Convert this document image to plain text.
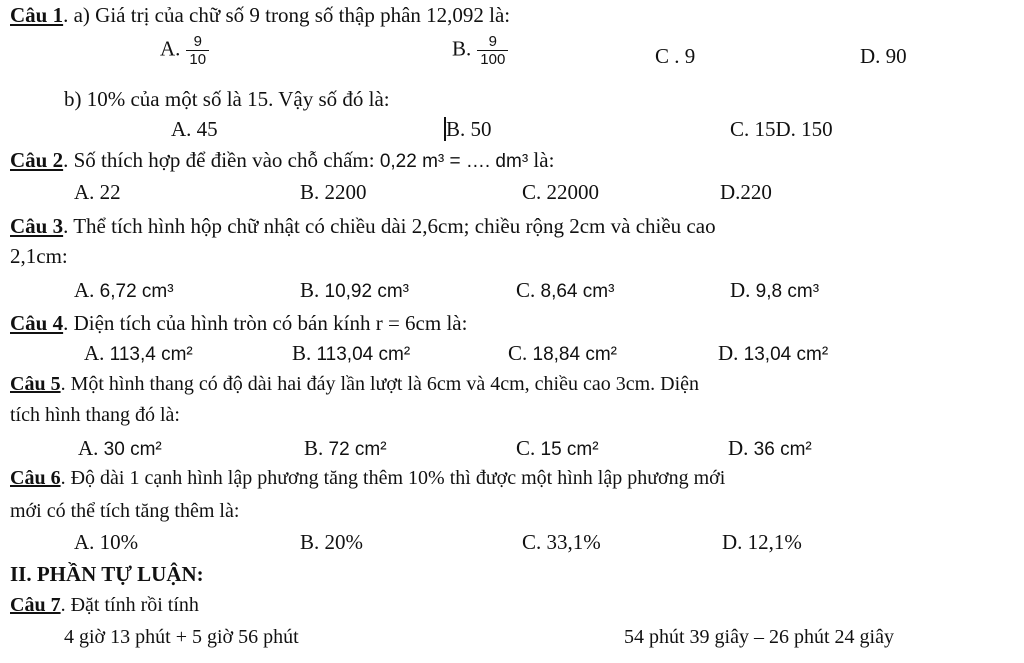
Câu 1. a) Giá trị của chữ số 9 trong số thập phân 12,092 là:
A. $\frac{9}{10}$	B. $\frac{9}{100}$	C . 9	D. 90
b) 10% của một số là 15. Vậy số đó là:
A. 45	B. 50	C. 15D. 150
Câu 2. Số thích hợp để điền vào chỗ chấm: 0,22 m³ = …. dm³ là:
A. 22	B. 2200	C. 22000	D.220
Câu 3. Thể tích hình hộp chữ nhật có chiều dài 2,6cm; chiều rộng 2cm và chiều cao
2,1cm:
A. 6,72 cm³	B. 10,92 cm³	C. 8,64 cm³	D. 9,8 cm³
Câu 4. Diện tích của hình tròn có bán kính r = 6cm là:
A. 113,4 cm²	B. 113,04 cm²	C. 18,84 cm²	D. 13,04 cm²
Câu 5. Một hình thang có độ dài hai đáy lần lượt là 6cm và 4cm, chiều cao 3cm. Diện
tích hình thang đó là:
A. 30 cm²	B. 72 cm²	C. 15 cm²	D. 36 cm²
Câu 6. Độ dài 1 cạnh hình lập phương tăng thêm 10% thì được một hình lập phương mới
mới có thể tích tăng thêm là:
A. 10%	B. 20%	C. 33,1%	D. 12,1%
II. PHẦN TỰ LUẬN:
Câu 7. Đặt tính rồi tính
4 giờ 13 phút + 5 giờ 56 phút	54 phút 39 giây – 26 phút 24 giây
